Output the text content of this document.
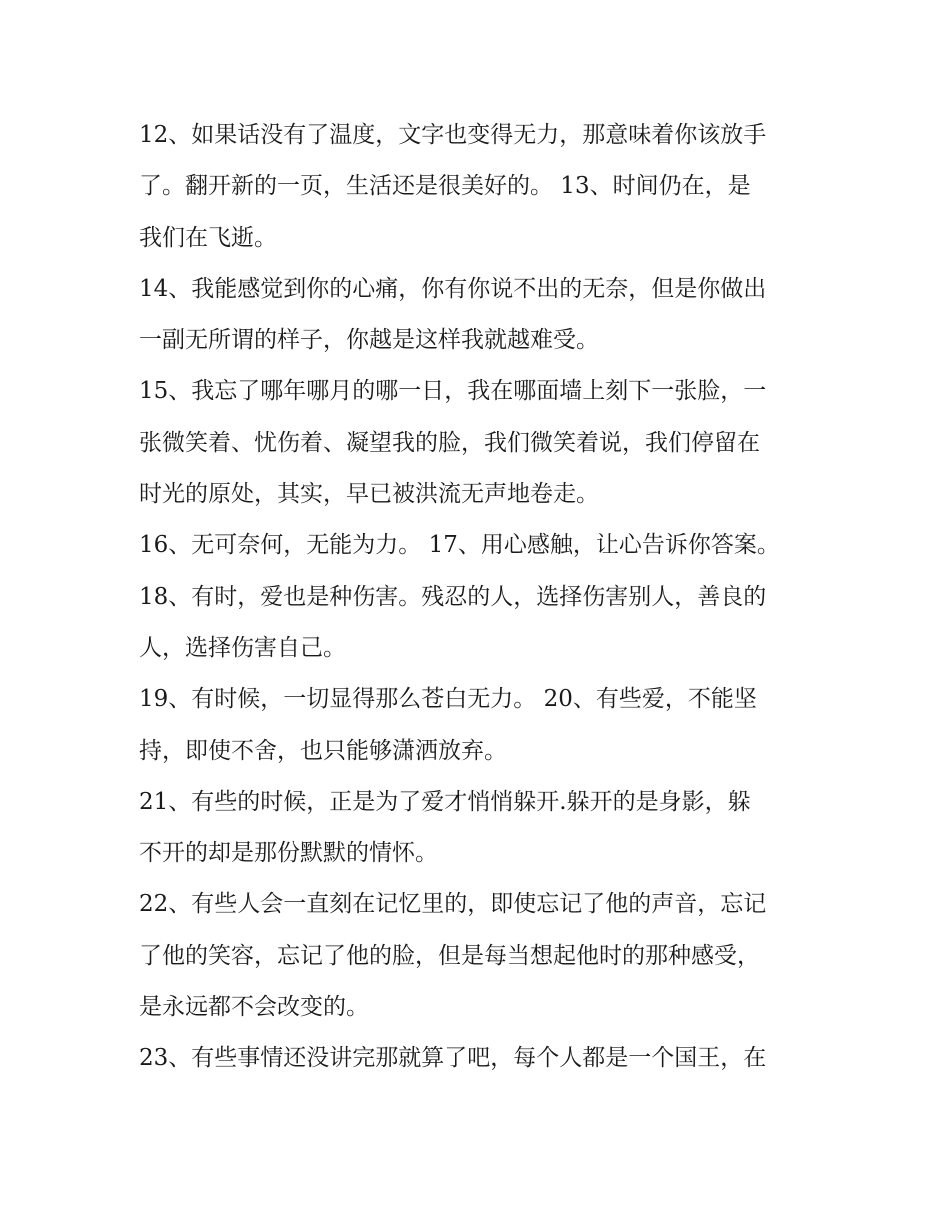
12、如果话没有了温度，文字也变得无力，那意味着你该放手
了。翻开新的一页，生活还是很美好的。 13、时间仍在，是
我们在飞逝。
14、我能感觉到你的心痛，你有你说不出的无奈，但是你做出
一副无所谓的样子，你越是这样我就越难受。
15、我忘了哪年哪月的哪一日，我在哪面墙上刻下一张脸，一
张微笑着、忧伤着、凝望我的脸，我们微笑着说，我们停留在
时光的原处，其实，早已被洪流无声地卷走。
16、无可奈何，无能为力。 17、用心感触，让心告诉你答案。
18、有时，爱也是种伤害。残忍的人，选择伤害别人，善良的
人，选择伤害自己。
19、有时候，一切显得那么苍白无力。 20、有些爱，不能坚
持，即使不舍，也只能够潇洒放弃。
21、有些的时候，正是为了爱才悄悄躲开.躲开的是身影，躲
不开的却是那份默默的情怀。
22、有些人会一直刻在记忆里的，即使忘记了他的声音，忘记
了他的笑容，忘记了他的脸，但是每当想起他时的那种感受，
是永远都不会改变的。
23、有些事情还没讲完那就算了吧，每个人都是一个国王，在
